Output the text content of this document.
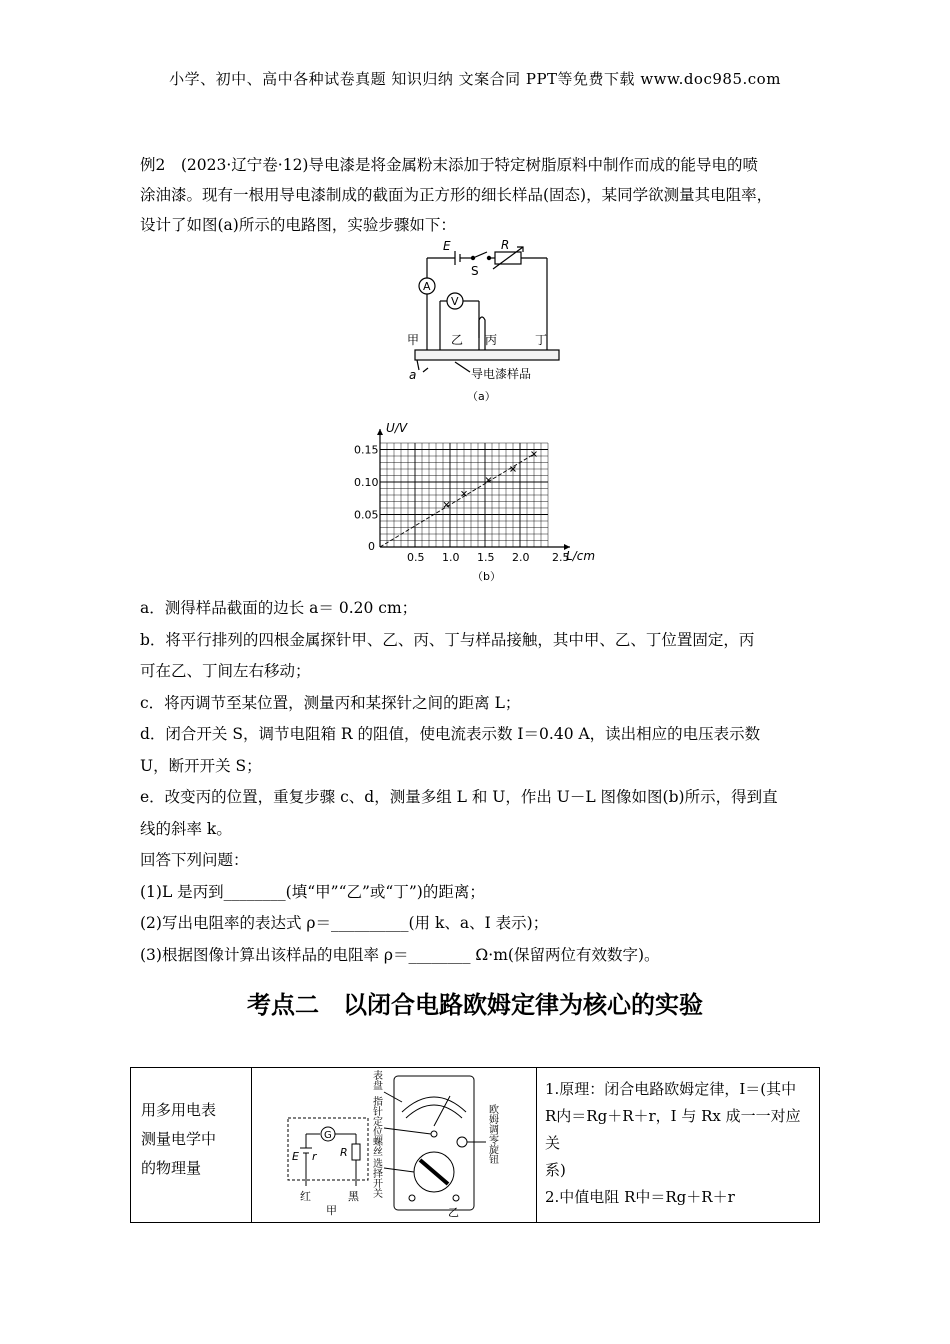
小学、初中、高中各种试卷真题 知识归纳 文案合同 PPT等免费下载 www.doc985.com
例2　(2023·辽宁卷·12)导电漆是将金属粉末添加于特定树脂原料中制作而成的能导电的喷
涂油漆。现有一根用导电漆制成的截面为正方形的细长样品(固态)，某同学欲测量其电阻率，
设计了如图(a)所示的电路图，实验步骤如下：
E	R
S
A
V
甲	乙 丙	丁
a	导电漆样品
（a）
0.5 1.0 1.5 2.0 2.5
0.05
0.10
0.15
U/V
L/cm
0
（b）
a．测得样品截面的边长 a＝ 0.20 cm；
b．将平行排列的四根金属探针甲、乙、丙、丁与样品接触，其中甲、乙、丁位置固定，丙
可在乙、丁间左右移动；
c．将丙调节至某位置，测量丙和某探针之间的距离 L；
d．闭合开关 S，调节电阻箱 R 的阻值，使电流表示数 I＝0.40 A，读出相应的电压表示数
U，断开开关 S；
e．改变丙的位置，重复步骤 c、d，测量多组 L 和 U，作出 U－L 图像如图(b)所示，得到直
线的斜率 k。
回答下列问题：
(1)L 是丙到________(填“甲”“乙”或“丁”)的距离；
(2)写出电阻率的表达式 ρ＝__________(用 k、a、I 表示)；
(3)根据图像计算出该样品的电阻率 ρ＝________ Ω·m(保留两位有效数字)。
考点二　以闭合电路欧姆定律为核心的实验
用多用电表
测量电学中
的物理量

G
E r R
红	黑
甲
表盘
指针定位螺丝
选择开关
欧姆调零旋钮
乙

1.原理：闭合电路欧姆定律，I＝(其中
R内＝Rg＋R＋r，I 与 Rx 成一一对应关
系)
2.中值电阻 R中＝Rg＋R＋r
